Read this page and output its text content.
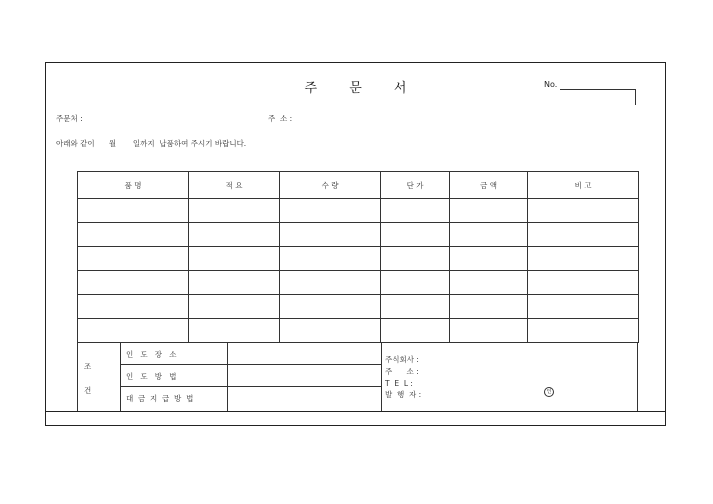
주 문 서	No.
주문처 :	주  소 :
아래와 같이      월       일까지  납품하여 주시기 바랍니다.
품 명	적 요	수 량	단 가	금 액	비 고

조
건
인   도   장   소
인   도   방   법
대  금  지  급  방  법
주식회사 :
주      소 :
T  E  L :
발  행  자 :	인
